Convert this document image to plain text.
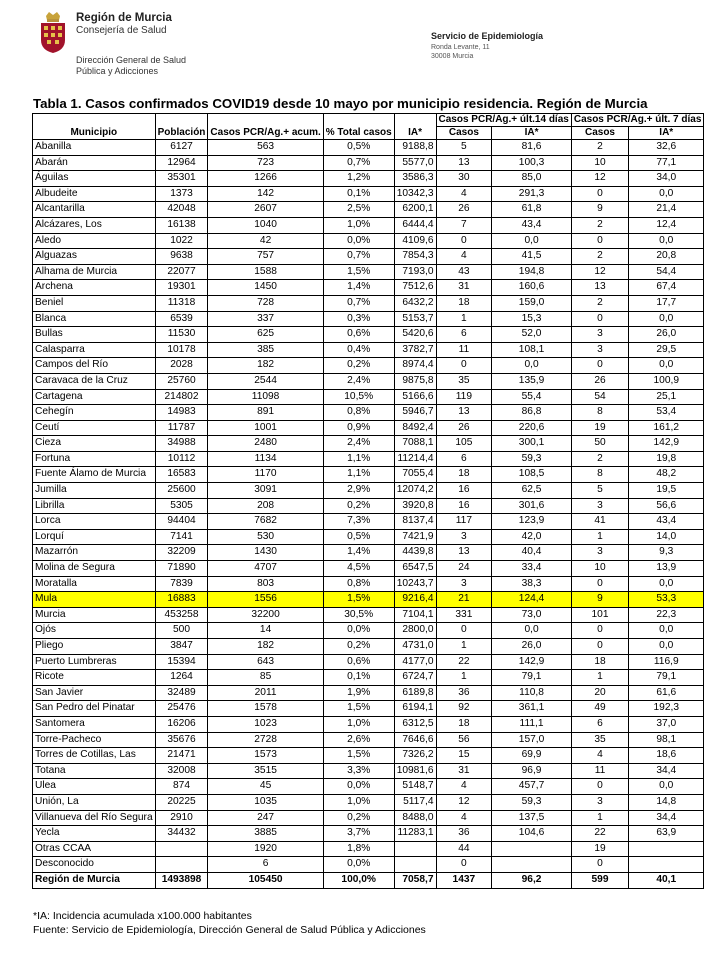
Región de Murcia
Consejería de Salud
Dirección General de Salud
Pública y Adicciones
Servicio de Epidemiología
Ronda Levante, 11
30008 Murcia
Tabla 1. Casos confirmados COVID19 desde 10 mayo por municipio residencia. Región de Murcia
Municipio	Población	Casos PCR/Ag.+ acum.	% Total casos	IA*	Casos PCR/Ag.+ últ.14 días		Casos PCR/Ag.+ últ. 7 días	
					Casos	IA*	Casos	IA*
Abanilla	6127	563	0,5%	9188,8	5	81,6	2	32,6
Abarán	12964	723	0,7%	5577,0	13	100,3	10	77,1
Águilas	35301	1266	1,2%	3586,3	30	85,0	12	34,0
Albudeite	1373	142	0,1%	10342,3	4	291,3	0	0,0
Alcantarilla	42048	2607	2,5%	6200,1	26	61,8	9	21,4
Alcázares, Los	16138	1040	1,0%	6444,4	7	43,4	2	12,4
Aledo	1022	42	0,0%	4109,6	0	0,0	0	0,0
Alguazas	9638	757	0,7%	7854,3	4	41,5	2	20,8
Alhama de Murcia	22077	1588	1,5%	7193,0	43	194,8	12	54,4
Archena	19301	1450	1,4%	7512,6	31	160,6	13	67,4
Beniel	11318	728	0,7%	6432,2	18	159,0	2	17,7
Blanca	6539	337	0,3%	5153,7	1	15,3	0	0,0
Bullas	11530	625	0,6%	5420,6	6	52,0	3	26,0
Calasparra	10178	385	0,4%	3782,7	11	108,1	3	29,5
Campos del Río	2028	182	0,2%	8974,4	0	0,0	0	0,0
Caravaca de la Cruz	25760	2544	2,4%	9875,8	35	135,9	26	100,9
Cartagena	214802	11098	10,5%	5166,6	119	55,4	54	25,1
Cehegín	14983	891	0,8%	5946,7	13	86,8	8	53,4
Ceutí	11787	1001	0,9%	8492,4	26	220,6	19	161,2
Cieza	34988	2480	2,4%	7088,1	105	300,1	50	142,9
Fortuna	10112	1134	1,1%	11214,4	6	59,3	2	19,8
Fuente Álamo de Murcia	16583	1170	1,1%	7055,4	18	108,5	8	48,2
Jumilla	25600	3091	2,9%	12074,2	16	62,5	5	19,5
Librilla	5305	208	0,2%	3920,8	16	301,6	3	56,6
Lorca	94404	7682	7,3%	8137,4	117	123,9	41	43,4
Lorquí	7141	530	0,5%	7421,9	3	42,0	1	14,0
Mazarrón	32209	1430	1,4%	4439,8	13	40,4	3	9,3
Molina de Segura	71890	4707	4,5%	6547,5	24	33,4	10	13,9
Moratalla	7839	803	0,8%	10243,7	3	38,3	0	0,0
Mula	16883	1556	1,5%	9216,4	21	124,4	9	53,3
Murcia	453258	32200	30,5%	7104,1	331	73,0	101	22,3
Ojós	500	14	0,0%	2800,0	0	0,0	0	0,0
Pliego	3847	182	0,2%	4731,0	1	26,0	0	0,0
Puerto Lumbreras	15394	643	0,6%	4177,0	22	142,9	18	116,9
Ricote	1264	85	0,1%	6724,7	1	79,1	1	79,1
San Javier	32489	2011	1,9%	6189,8	36	110,8	20	61,6
San Pedro del Pinatar	25476	1578	1,5%	6194,1	92	361,1	49	192,3
Santomera	16206	1023	1,0%	6312,5	18	111,1	6	37,0
Torre-Pacheco	35676	2728	2,6%	7646,6	56	157,0	35	98,1
Torres de Cotillas, Las	21471	1573	1,5%	7326,2	15	69,9	4	18,6
Totana	32008	3515	3,3%	10981,6	31	96,9	11	34,4
Ulea	874	45	0,0%	5148,7	4	457,7	0	0,0
Unión, La	20225	1035	1,0%	5117,4	12	59,3	3	14,8
Villanueva del Río Segura	2910	247	0,2%	8488,0	4	137,5	1	34,4
Yecla	34432	3885	3,7%	11283,1	36	104,6	22	63,9
Otras CCAA		1920	1,8%		44		19	
Desconocido		6	0,0%		0		0	
Región de Murcia	1493898	105450	100,0%	7058,7	1437	96,2	599	40,1
*IA: Incidencia acumulada x100.000 habitantes
Fuente: Servicio de Epidemiología, Dirección General de Salud Pública y Adicciones
